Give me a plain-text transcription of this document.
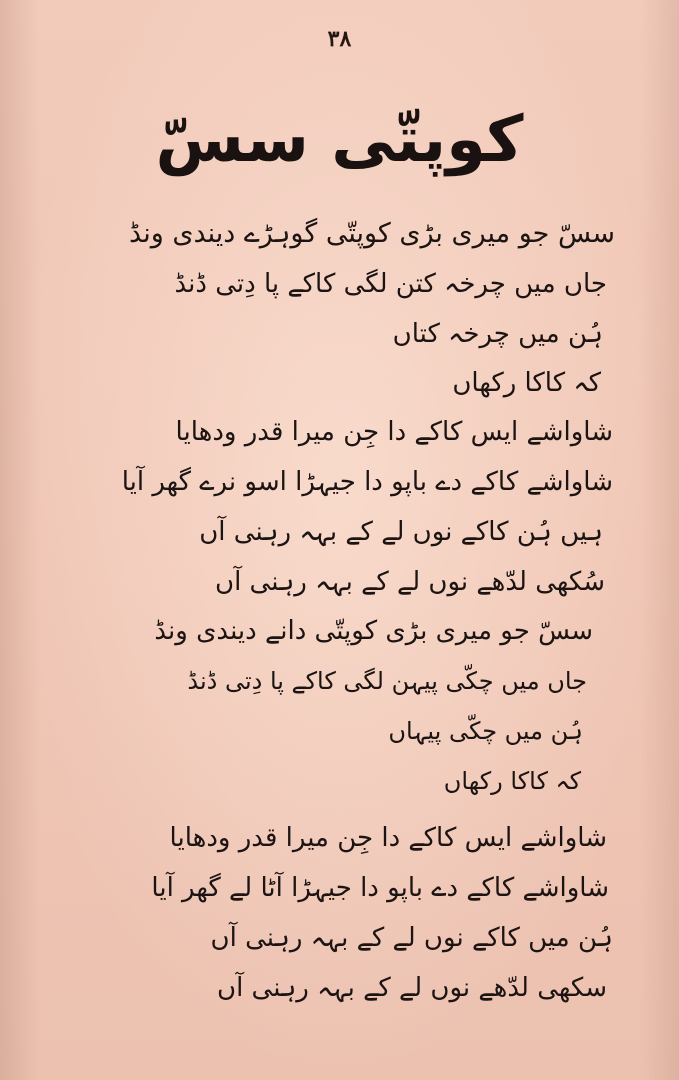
۳۸
کوپتّی سسّ
سسّ جو میری بڑی کوپتّی گوہڑے دیندی ونڈ
جاں میں چرخہ کتن لگی کاکے پا دِتی ڈنڈ
ہُن میں چرخہ کتاں
کہ کاکا رکھاں
شاواشے ایس کاکے دا جِن میرا قدر ودھایا
شاواشے کاکے دے باپو دا جیہڑا اسو نرے گھر آیا
ہیں ہُن کاکے نوں لے کے بہہ رہنی آں
سُکھی لدّھے نوں لے کے بہہ رہنی آں
سسّ جو میری بڑی کوپتّی دانے دیندی ونڈ
جاں میں چکّی پیہن لگی کاکے پا دِتی ڈنڈ
ہُن میں چکّی پیہاں
کہ کاکا رکھاں
شاواشے ایس کاکے دا جِن میرا قدر ودھایا
شاواشے کاکے دے باپو دا جیہڑا آٹا لے گھر آیا
ہُن میں کاکے نوں لے کے بہہ رہنی آں
سکھی لدّھے نوں لے کے بہہ رہنی آں
